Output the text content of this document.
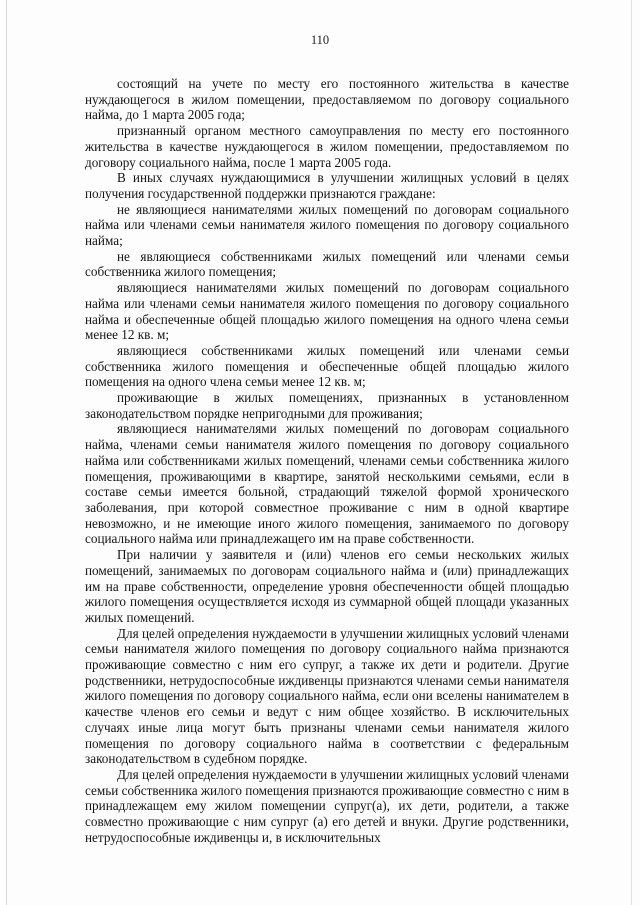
110

состоящий на учете по месту его постоянного жительства в качестве нуждающегося в жилом помещении, предоставляемом по договору социального найма, до 1 марта 2005 года;

признанный органом местного самоуправления по месту его постоянного жительства в качестве нуждающегося в жилом помещении, предоставляемом по договору социального найма, после 1 марта 2005 года.

В иных случаях нуждающимися в улучшении жилищных условий в целях получения государственной поддержки признаются граждане:

не являющиеся нанимателями жилых помещений по договорам социального найма или членами семьи нанимателя жилого помещения по договору социального найма;

не являющиеся собственниками жилых помещений или членами семьи собственника жилого помещения;

являющиеся нанимателями жилых помещений по договорам социального найма или членами семьи нанимателя жилого помещения по договору социального найма и обеспеченные общей площадью жилого помещения на одного члена семьи менее 12 кв. м;

являющиеся собственниками жилых помещений или членами семьи собственника жилого помещения и обеспеченные общей площадью жилого помещения на одного члена семьи менее 12 кв. м;

проживающие в жилых помещениях, признанных в установленном законодательством порядке непригодными для проживания;

являющиеся нанимателями жилых помещений по договорам социального найма, членами семьи нанимателя жилого помещения по договору социального найма или собственниками жилых помещений, членами семьи собственника жилого помещения, проживающими в квартире, занятой несколькими семьями, если в составе семьи имеется больной, страдающий тяжелой формой хронического заболевания, при которой совместное проживание с ним в одной квартире невозможно, и не имеющие иного жилого помещения, занимаемого по договору социального найма или принадлежащего им на праве собственности.

При наличии у заявителя и (или) членов его семьи нескольких жилых помещений, занимаемых по договорам социального найма и (или) принадлежащих им на праве собственности, определение уровня обеспеченности общей площадью жилого помещения осуществляется исходя из суммарной общей площади указанных жилых помещений.

Для целей определения нуждаемости в улучшении жилищных условий членами семьи нанимателя жилого помещения по договору социального найма признаются проживающие совместно с ним его супруг, а также их дети и родители. Другие родственники, нетрудоспособные иждивенцы признаются членами семьи нанимателя жилого помещения по договору социального найма, если они вселены нанимателем в качестве членов его семьи и ведут с ним общее хозяйство. В исключительных случаях иные лица могут быть признаны членами семьи нанимателя жилого помещения по договору социального найма в соответствии с федеральным законодательством в судебном порядке.

Для целей определения нуждаемости в улучшении жилищных условий членами семьи собственника жилого помещения признаются проживающие совместно с ним в принадлежащем ему жилом помещении супруг(а), их дети, родители, а также совместно проживающие с ним супруг (а) его детей и внуки. Другие родственники, нетрудоспособные иждивенцы и, в исключительных
